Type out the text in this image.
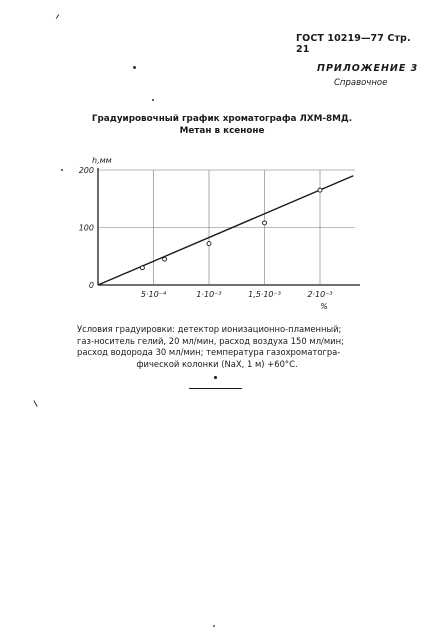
ГОСТ 10219—77 Стр. 21
ПРИЛОЖЕНИЕ 3
Справочное
Градуировочный график хроматографа ЛХМ-8МД.
Метан в ксеноне
0
100
200
5·10⁻⁴	1·10⁻³	1,5·10⁻³	2·10⁻³
h,мм
%
Условия градуировки: детектор ионизационно-пламенный;
газ-носитель гелий, 20 мл/мин, расход воздуха 150 мл/мин;
расход водорода 30 мл/мин; температура газохроматогра-
фической колонки (NaX, 1 м) +60°С.
